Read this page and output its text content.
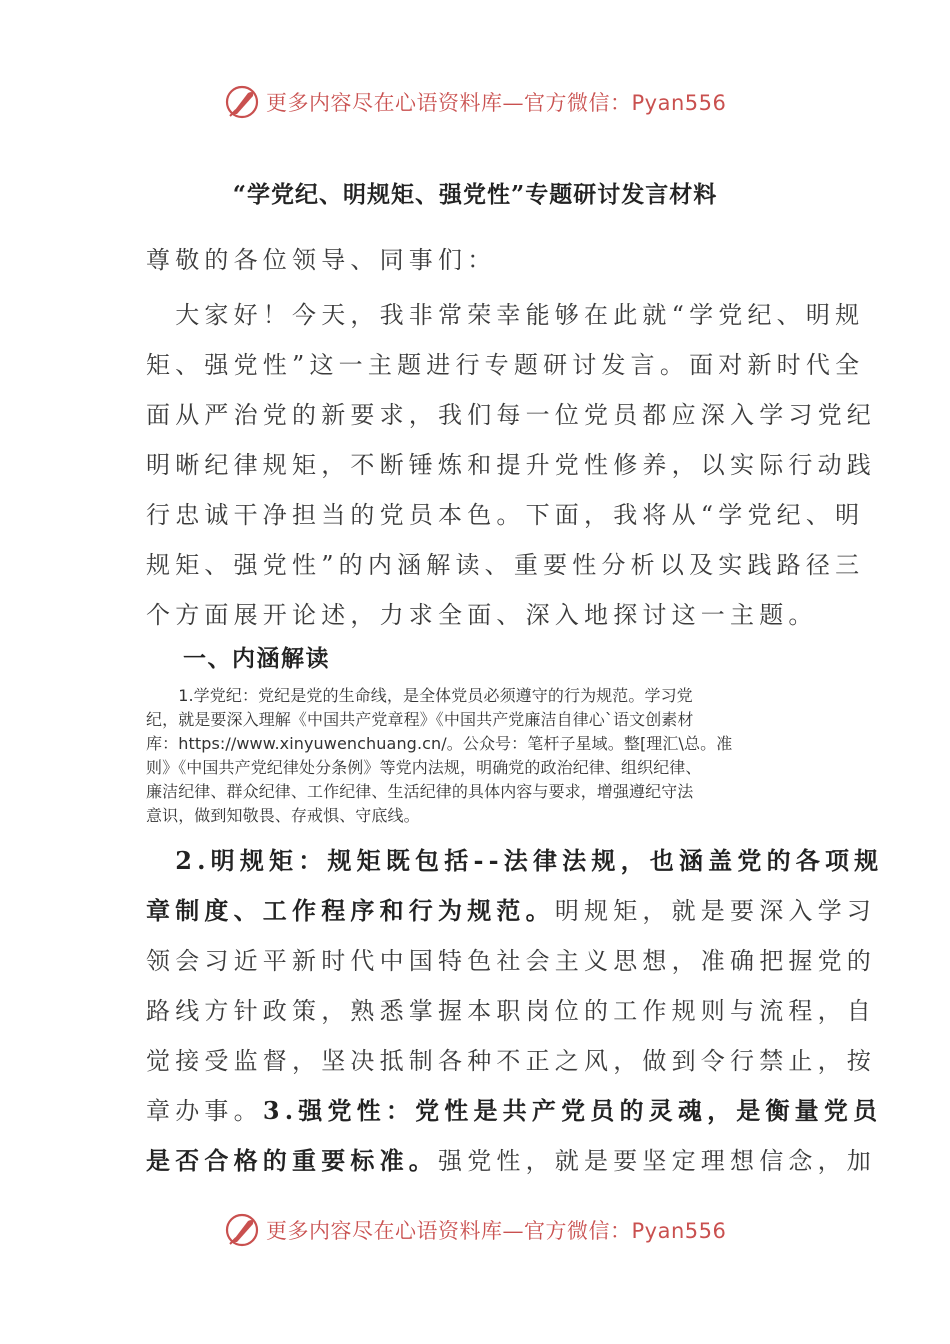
更多内容尽在心语资料库—官方微信：Pyan556
“学党纪、明规矩、强党性”专题研讨发言材料

尊敬的各位领导、同事们：

　大家好！今天，我非常荣幸能够在此就“学党纪、明规
矩、强党性”这一主题进行专题研讨发言。面对新时代全
面从严治党的新要求，我们每一位党员都应深入学习党纪
明晰纪律规矩，不断锤炼和提升党性修养，以实际行动践
行忠诚干净担当的党员本色。下面，我将从“学党纪、明
规矩、强党性”的内涵解读、重要性分析以及实践路径三
个方面展开论述，力求全面、深入地探讨这一主题。
一、内涵解读
　　1.学党纪：党纪是党的生命线，是全体党员必须遵守的行为规范。学习党
纪，就是要深入理解《中国共产党章程》《中国共产党廉洁自律心`语文创素材
库：https://www.xinyuwenchuang.cn/。公众号：笔杆子星域。整[理汇\总。准
则》《中国共产党纪律处分条例》等党内法规，明确党的政治纪律、组织纪律、
廉洁纪律、群众纪律、工作纪律、生活纪律的具体内容与要求，增强遵纪守法
意识，做到知敬畏、存戒惧、守底线。
　2.明规矩：规矩既包括--法律法规，也涵盖党的各项规
章制度、工作程序和行为规范。明规矩，就是要深入学习
领会习近平新时代中国特色社会主义思想，准确把握党的
路线方针政策，熟悉掌握本职岗位的工作规则与流程，自
觉接受监督，坚决抵制各种不正之风，做到令行禁止，按
章办事。3.强党性：党性是共产党员的灵魂，是衡量党员
是否合格的重要标准。强党性，就是要坚定理想信念，加
更多内容尽在心语资料库—官方微信：Pyan556
